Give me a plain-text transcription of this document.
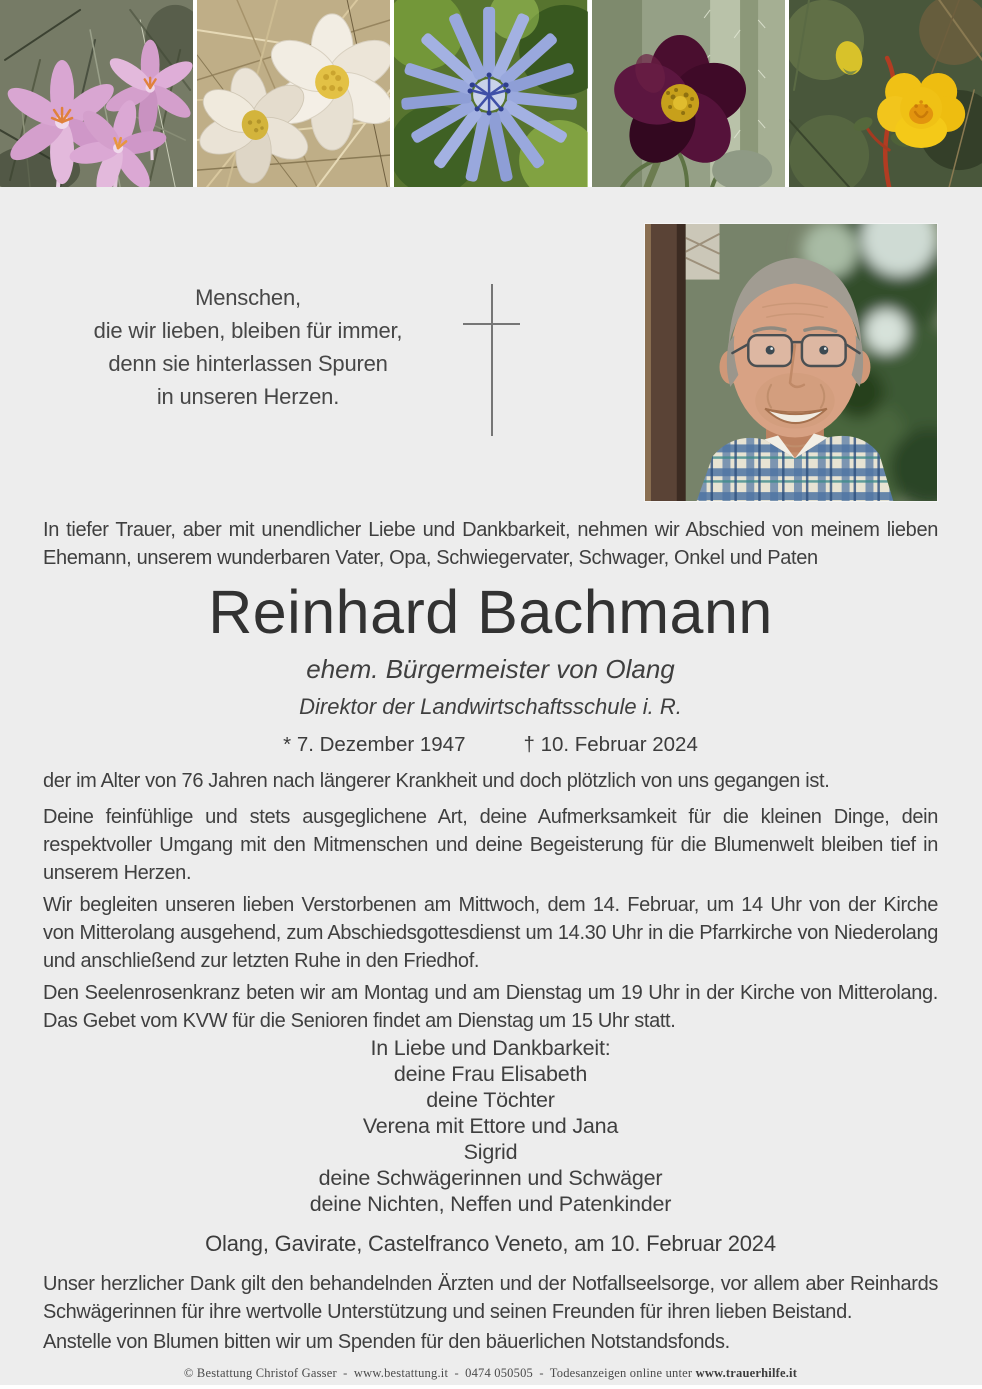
Menschen,
die wir lieben, bleiben für immer,
denn sie hinterlassen Spuren
in unseren Herzen.

In tiefer Trauer, aber mit unendlicher Liebe und Dankbarkeit, nehmen wir Abschied von meinem lieben Ehemann, unserem wunderbaren Vater, Opa, Schwiegervater, Schwager, Onkel und Paten

Reinhard Bachmann
ehem. Bürgermeister von Olang
Direktor der Landwirtschaftsschule i. R.
* 7. Dezember 1947	† 10. Februar 2024

der im Alter von 76 Jahren nach längerer Krankheit und doch plötzlich von uns gegangen ist.

Deine feinfühlige und stets ausgeglichene Art, deine Aufmerksamkeit für die kleinen Dinge, dein respektvoller Umgang mit den Mitmenschen und deine Begeisterung für die Blumenwelt bleiben tief in unserem Herzen.

Wir begleiten unseren lieben Verstorbenen am Mittwoch, dem 14. Februar, um 14 Uhr von der Kirche von Mitterolang ausgehend, zum Abschiedsgottesdienst um 14.30 Uhr in die Pfarrkirche von Niederolang und anschließend zur letzten Ruhe in den Friedhof.

Den Seelenrosenkranz beten wir am Montag und am Dienstag um 19 Uhr in der Kirche von Mitterolang. Das Gebet vom KVW für die Senioren findet am Dienstag um 15 Uhr statt.

In Liebe und Dankbarkeit:
deine Frau Elisabeth
deine Töchter
Verena mit Ettore und Jana
Sigrid
deine Schwägerinnen und Schwäger
deine Nichten, Neffen und Patenkinder
Olang, Gavirate, Castelfranco Veneto, am 10. Februar 2024

Unser herzlicher Dank gilt den behandelnden Ärzten und der Notfallseelsorge, vor allem aber Reinhards Schwägerinnen für ihre wertvolle Unterstützung und seinen Freunden für ihren lieben Beistand.

Anstelle von Blumen bitten wir um Spenden für den bäuerlichen Notstandsfonds.

© Bestattung Christof Gasser - www.bestattung.it - 0474 050505 - Todesanzeigen online unter www.trauerhilfe.it
